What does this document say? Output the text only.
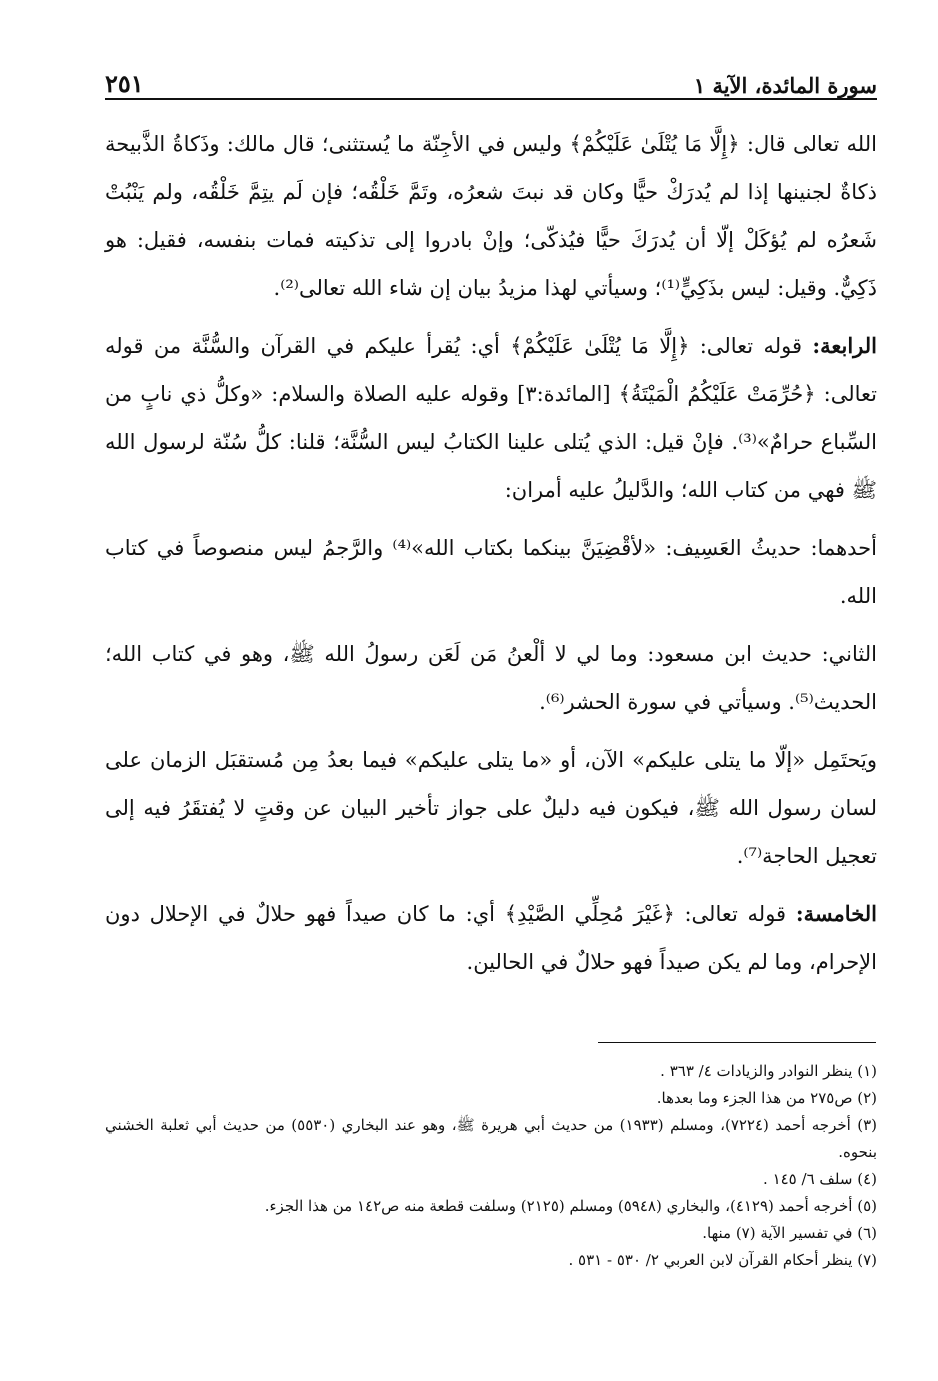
٢٥١	سورة المائدة، الآية ١

الله تعالى قال: ﴿إِلَّا مَا يُتْلَىٰ عَلَيْكُمْ﴾ وليس في الأجِنّة ما يُستثنى؛ قال مالك: وذَكاةُ الذَّبيحة ذكاةٌ لجنينها إذا لم يُدرَكْ حيًّا وكان قد نبتَ شعرُه، وتَمَّ خَلْقُه؛ فإن لَم يتِمَّ خَلْقُه، ولم يَنْبُتْ شَعرُه لم يُؤكَلْ إلّا أن يُدرَكَ حيًّا فيُذكّى؛ وإنْ بادروا إلى تذكيته فمات بنفسه، فقيل: هو ذَكِيٌّ. وقيل: ليس بذَكِيٍّ⁽¹⁾؛ وسيأتي لهذا مزيدُ بيان إن شاء الله تعالى⁽²⁾.

الرابعة: قوله تعالى: ﴿إِلَّا مَا يُتْلَىٰ عَلَيْكُمْ﴾ أي: يُقرأ عليكم في القرآن والسُّنَّة من قوله تعالى: ﴿حُرِّمَتْ عَلَيْكُمُ الْمَيْتَةُ﴾ [المائدة:٣] وقوله عليه الصلاة والسلام: «وكلُّ ذي نابٍ من السِّباع حرامٌ»⁽³⁾. فإنْ قيل: الذي يُتلى علينا الكتابُ ليس السُّنَّة؛ قلنا: كلُّ سُنّة لرسول الله ﷺ فهي من كتاب الله؛ والدَّليلُ عليه أمران:

أحدهما: حديثُ العَسِيف: «لأقْضِيَنَّ بينكما بكتاب الله»⁽⁴⁾ والرَّجمُ ليس منصوصاً في كتاب الله.

الثاني: حديث ابن مسعود: وما لي لا ألْعنُ مَن لَعَن رسولُ الله ﷺ، وهو في كتاب الله؛ الحديث⁽⁵⁾. وسيأتي في سورة الحشر⁽⁶⁾.

ويَحتَمِل «إلّا ما يتلى عليكم» الآن، أو «ما يتلى عليكم» فيما بعدُ مِن مُستقبَل الزمان على لسان رسول الله ﷺ، فيكون فيه دليلٌ على جواز تأخير البيان عن وقتٍ لا يُفتقَرُ فيه إلى تعجيل الحاجة⁽⁷⁾.

الخامسة: قوله تعالى: ﴿غَيْرَ مُحِلِّي الصَّيْدِ﴾ أي: ما كان صيداً فهو حلالٌ في الإحلال دون الإحرام، وما لم يكن صيداً فهو حلالٌ في الحالين.

(١) ينظر النوادر والزيادات ٤/ ٣٦٣ .

(٢) ص٢٧٥ من هذا الجزء وما بعدها.

(٣) أخرجه أحمد (٧٢٢٤)، ومسلم (١٩٣٣) من حديث أبي هريرة ﷺ، وهو عند البخاري (٥٥٣٠) من حديث أبي ثعلبة الخشني بنحوه.

(٤) سلف ٦/ ١٤٥ .

(٥) أخرجه أحمد (٤١٢٩)، والبخاري (٥٩٤٨) ومسلم (٢١٢٥) وسلفت قطعة منه ص١٤٢ من هذا الجزء.

(٦) في تفسير الآية (٧) منها.

(٧) ينظر أحكام القرآن لابن العربي ٢/ ٥٣٠ - ٥٣١ .
